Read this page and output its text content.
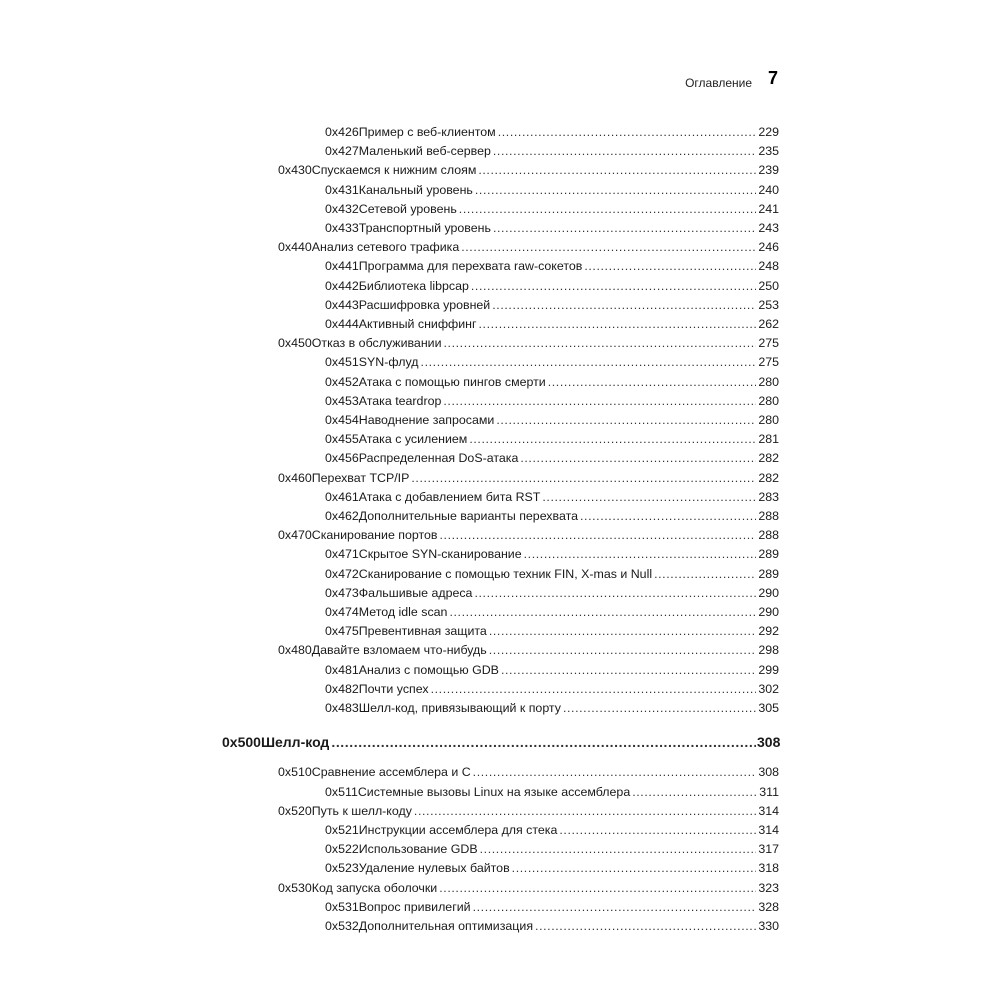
Оглавление 7
0x426 Пример с веб-клиентом .....	229
0x427 Маленький веб-сервер .....	235
0x430 Спускаемся к нижним слоям .....	239
0x431 Канальный уровень .....	240
0x432 Сетевой уровень .....	241
0x433 Транспортный уровень .....	243
0x440 Анализ сетевого трафика .....	246
0x441 Программа для перехвата raw-сокетов .....	248
0x442 Библиотека libpcap .....	250
0x443 Расшифровка уровней .....	253
0x444 Активный сниффинг .....	262
0x450 Отказ в обслуживании .....	275
0x451 SYN-флуд .....	275
0x452 Атака с помощью пингов смерти .....	280
0x453 Атака teardrop .....	280
0x454 Наводнение запросами .....	280
0x455 Атака с усилением .....	281
0x456 Распределенная DoS-атака .....	282
0x460 Перехват TCP/IP .....	282
0x461 Атака с добавлением бита RST .....	283
0x462 Дополнительные варианты перехвата .....	288
0x470 Сканирование портов .....	288
0x471 Скрытое SYN-сканирование .....	289
0x472 Сканирование с помощью техник FIN, X-mas и Null .....	289
0x473 Фальшивые адреса .....	290
0x474 Метод idle scan .....	290
0x475 Превентивная защита .....	292
0x480 Давайте взломаем что-нибудь .....	298
0x481 Анализ с помощью GDB .....	299
0x482 Почти успех .....	302
0x483 Шелл-код, привязывающий к порту .....	305
0x500 Шелл-код .....	308
0x510 Сравнение ассемблера и C .....	308
0x511 Системные вызовы Linux на языке ассемблера .....	311
0x520 Путь к шелл-коду .....	314
0x521 Инструкции ассемблера для стека .....	314
0x522 Использование GDB .....	317
0x523 Удаление нулевых байтов .....	318
0x530 Код запуска оболочки .....	323
0x531 Вопрос привилегий .....	328
0x532 Дополнительная оптимизация .....	330
